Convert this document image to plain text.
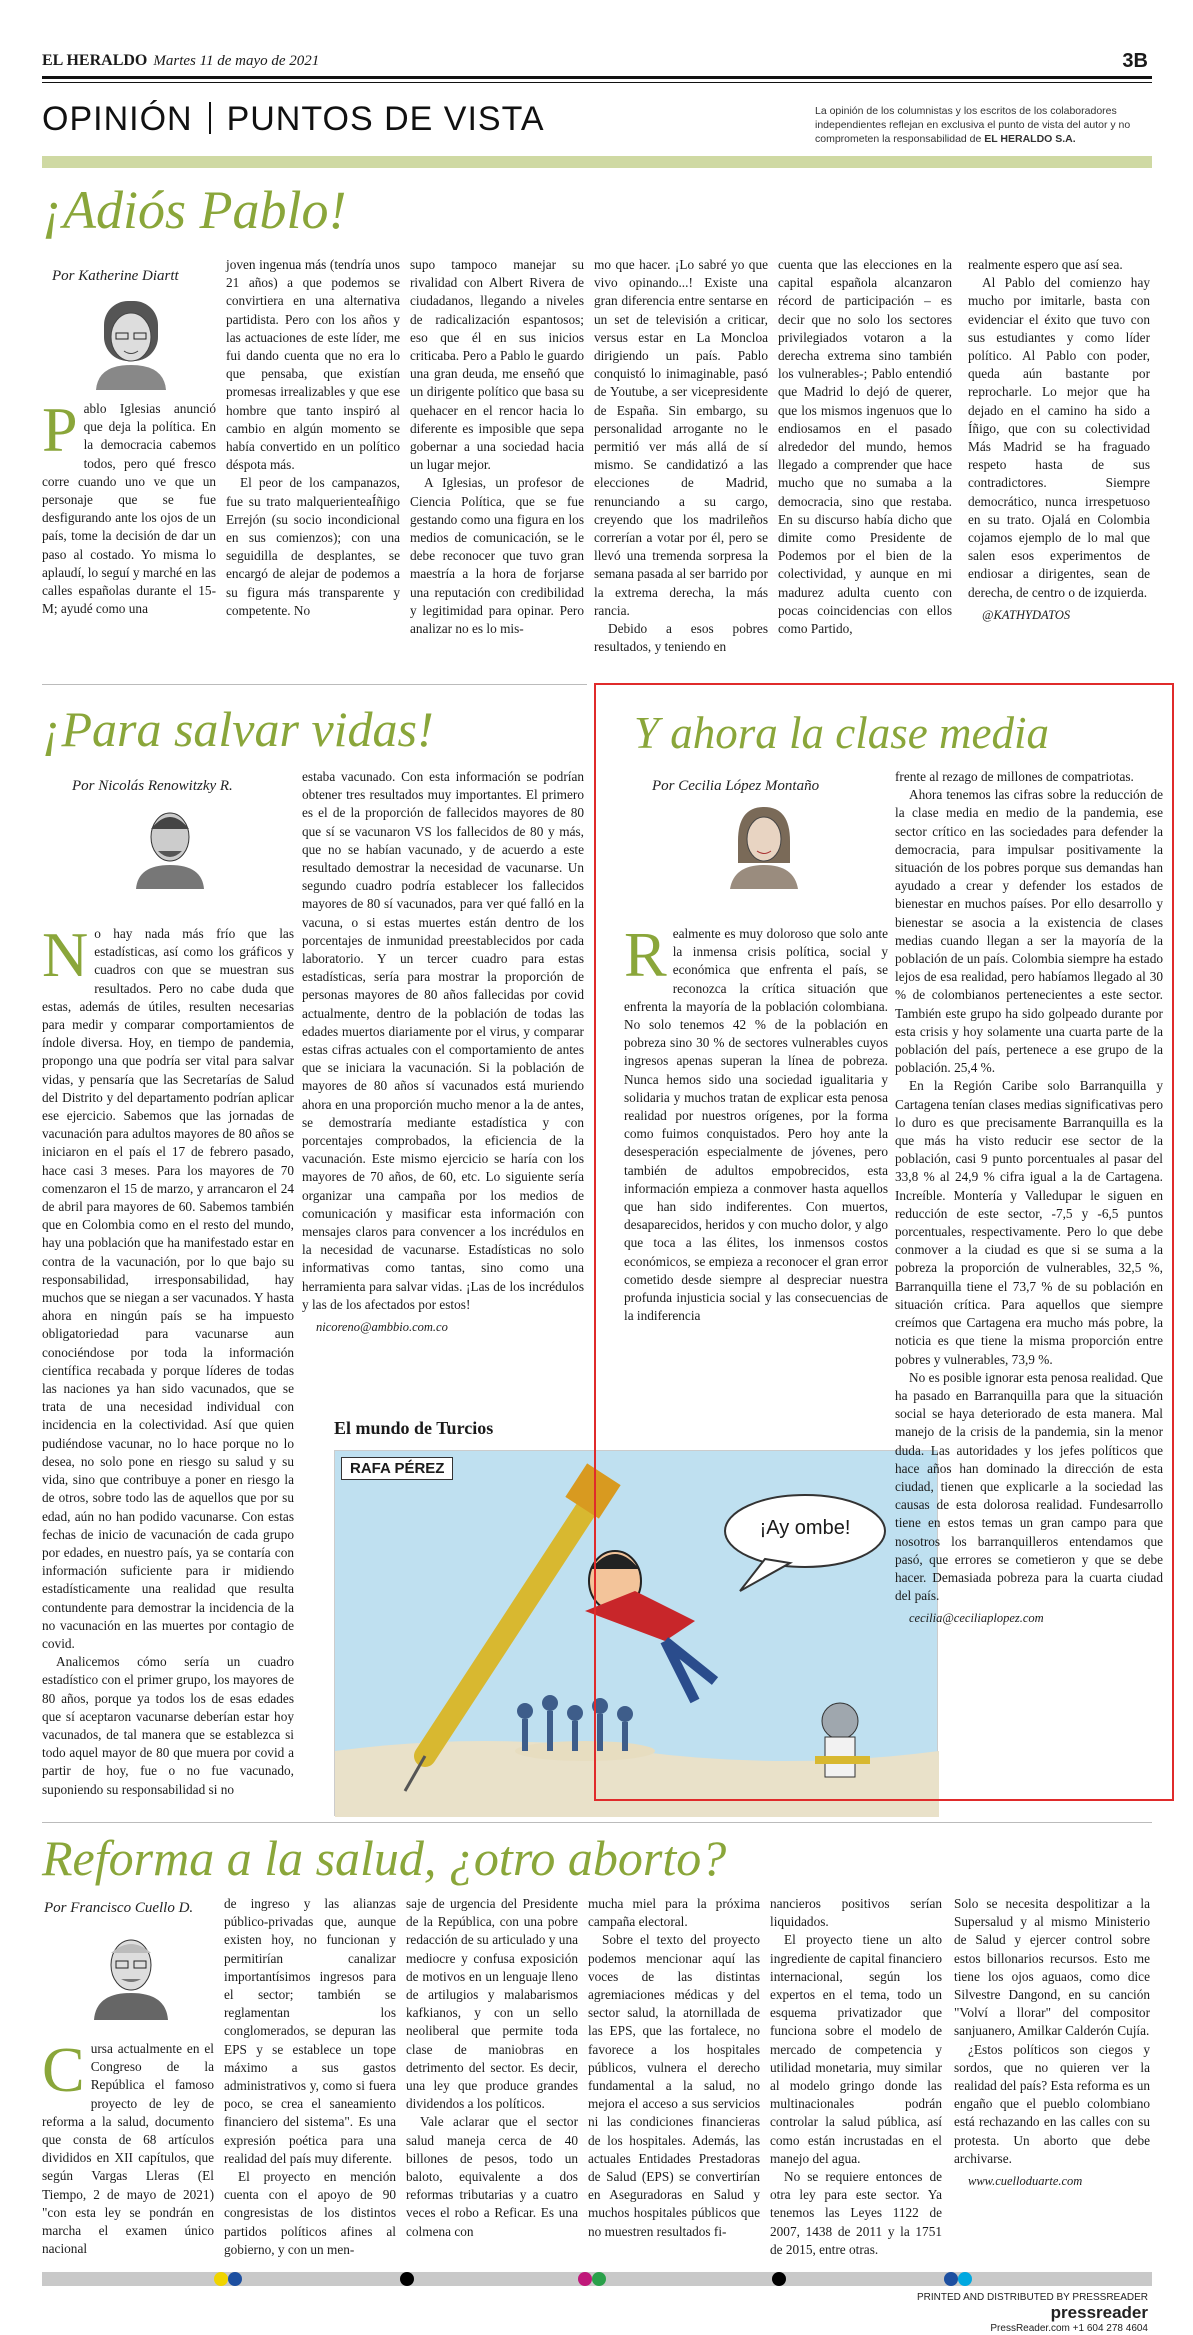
EL HERALDO Martes 11 de mayo de 2021	3B
OPINIÓN PUNTOS DE VISTA	La opinión de los columnistas y los escritos de los colaboradores independientes reflejan en exclusiva el punto de vista del autor y no comprometen la responsabilidad de EL HERALDO S.A.
¡Adiós Pablo!
Por Katherine Diartt
Pablo Iglesias anunció que deja la política. En la democracia cabemos todos, pero qué fresco corre cuando uno ve que un personaje que se fue desfigurando ante los ojos de un país, tome la decisión de dar un paso al costado. Yo misma lo aplaudí, lo seguí y marché en las calles españolas durante el 15-M; ayudé como una

joven ingenua más (tendría unos 21 años) a que podemos se convirtiera en una alternativa partidista. Pero con los años y las actuaciones de este líder, me fui dando cuenta que no era lo que pensaba, que existían promesas irrealizables y que ese hombre que tanto inspiró al cambio en algún momento se había convertido en un político déspota más.

El peor de los campanazos, fue su trato malquerienteaÍñigo Errejón (su socio incondicional en sus comienzos); con una seguidilla de desplantes, se encargó de alejar de podemos a su figura más transparente y competente. No

supo tampoco manejar su rivalidad con Albert Rivera de ciudadanos, llegando a niveles de radicalización espantosos; eso que él en sus inicios criticaba. Pero a Pablo le guardo una gran deuda, me enseñó que un dirigente político que basa su quehacer en el rencor hacia lo diferente es imposible que sepa gobernar a una sociedad hacia un lugar mejor.

A Iglesias, un profesor de Ciencia Política, que se fue gestando como una figura en los medios de comunicación, se le debe reconocer que tuvo gran maestría a la hora de forjarse una reputación con credibilidad y legitimidad para opinar. Pero analizar no es lo mis-

mo que hacer. ¡Lo sabré yo que vivo opinando...! Existe una gran diferencia entre sentarse en un set de televisión a criticar, versus estar en La Moncloa dirigiendo un país. Pablo conquistó lo inimaginable, pasó de Youtube, a ser vicepresidente de España. Sin embargo, su personalidad arrogante no le permitió ver más allá de sí mismo. Se candidatizó a las elecciones de Madrid, renunciando a su cargo, creyendo que los madrileños correrían a votar por él, pero se llevó una tremenda sorpresa la semana pasada al ser barrido por la extrema derecha, la más rancia.

Debido a esos pobres resultados, y teniendo en

cuenta que las elecciones en la capital española alcanzaron récord de participación – es decir que no solo los sectores privilegiados votaron a la derecha extrema sino también los vulnerables-; Pablo entendió que Madrid lo dejó de querer, que los mismos ingenuos que lo endiosamos en el pasado alrededor del mundo, hemos llegado a comprender que hace mucho que no sumaba a la democracia, sino que restaba. En su discurso había dicho que dimite como Presidente de Podemos por el bien de la colectividad, y aunque en mi madurez adulta cuento con pocas coincidencias con ellos como Partido,

realmente espero que así sea.

Al Pablo del comienzo hay mucho por imitarle, basta con evidenciar el éxito que tuvo con sus estudiantes y como líder político. Al Pablo con poder, queda aún bastante por reprocharle. Lo mejor que ha dejado en el camino ha sido a Íñigo, que con su colectividad Más Madrid se ha fraguado respeto hasta de sus contradictores. Siempre democrático, nunca irrespetuoso en su trato. Ojalá en Colombia cojamos ejemplo de lo mal que salen esos experimentos de endiosar a dirigentes, sean de derecha, de centro o de izquierda.

@KATHYDATOS

¡Para salvar vidas!
Por Nicolás Renowitzky R.
No hay nada más frío que las estadísticas, así como los gráficos y cuadros con que se muestran sus resultados. Pero no cabe duda que estas, además de útiles, resulten necesarias para medir y comparar comportamientos de índole diversa. Hoy, en tiempo de pandemia, propongo una que podría ser vital para salvar vidas, y pensaría que las Secretarías de Salud del Distrito y del departamento podrían aplicar ese ejercicio. Sabemos que las jornadas de vacunación para adultos mayores de 80 años se iniciaron en el país el 17 de febrero pasado, hace casi 3 meses. Para los mayores de 70 comenzaron el 15 de marzo, y arrancaron el 24 de abril para mayores de 60. Sabemos también que en Colombia como en el resto del mundo, hay una población que ha manifestado estar en contra de la vacunación, por lo que bajo su responsabilidad, irresponsabilidad, hay muchos que se niegan a ser vacunados. Y hasta ahora en ningún país se ha impuesto obligatoriedad para vacunarse aun conociéndose por toda la información científica recabada y porque líderes de todas las naciones ya han sido vacunados, que se trata de una necesidad individual con incidencia en la colectividad. Así que quien pudiéndose vacunar, no lo hace porque no lo desea, no solo pone en riesgo su salud y su vida, sino que contribuye a poner en riesgo la de otros, sobre todo las de aquellos que por su edad, aún no han podido vacunarse. Con estas fechas de inicio de vacunación de cada grupo por edades, en nuestro país, ya se contaría con información suficiente para ir midiendo estadísticamente una realidad que resulta contundente para demostrar la incidencia de la no vacunación en las muertes por contagio de covid.

Analicemos cómo sería un cuadro estadístico con el primer grupo, los mayores de 80 años, porque ya todos los de esas edades que sí aceptaron vacunarse deberían estar hoy vacunados, de tal manera que se establezca si todo aquel mayor de 80 que muera por covid a partir de hoy, fue o no fue vacunado, suponiendo su responsabilidad si no

estaba vacunado. Con esta información se podrían obtener tres resultados muy importantes. El primero es el de la proporción de fallecidos mayores de 80 que sí se vacunaron VS los fallecidos de 80 y más, que no se habían vacunado, y de acuerdo a este resultado demostrar la necesidad de vacunarse. Un segundo cuadro podría establecer los fallecidos mayores de 80 sí vacunados, para ver qué falló en la vacuna, o si estas muertes están dentro de los porcentajes de inmunidad preestablecidos por cada laboratorio. Y un tercer cuadro para estas estadísticas, sería para mostrar la proporción de personas mayores de 80 años fallecidas por covid actualmente, dentro de la población de todas las edades muertos diariamente por el virus, y comparar estas cifras actuales con el comportamiento de antes que se iniciara la vacunación. Si la población de mayores de 80 años sí vacunados está muriendo ahora en una proporción mucho menor a la de antes, se demostraría mediante estadística y con porcentajes comprobados, la eficiencia de la vacunación. Este mismo ejercicio se haría con los mayores de 70 años, de 60, etc. Lo siguiente sería organizar una campaña por los medios de comunicación y masificar esta información con mensajes claros para convencer a los incrédulos en la necesidad de vacunarse. Estadísticas no solo informativas como tantas, sino como una herramienta para salvar vidas. ¡Las de los incrédulos y las de los afectados por estos!

nicoreno@ambbio.com.co

El mundo de Turcios
RAFA PÉREZ
¡Ay ombe!
Y ahora la clase media
Por Cecilia López Montaño
Realmente es muy doloroso que solo ante la inmensa crisis política, social y económica que enfrenta el país, se reconozca la crítica situación que enfrenta la mayoría de la población colombiana. No solo tenemos 42 % de la población en pobreza sino 30 % de sectores vulnerables cuyos ingresos apenas superan la línea de pobreza. Nunca hemos sido una sociedad igualitaria y solidaria y muchos tratan de explicar esta penosa realidad por nuestros orígenes, por la forma como fuimos conquistados. Pero hoy ante la desesperación especialmente de jóvenes, pero también de adultos empobrecidos, esta información empieza a conmover hasta aquellos que han sido indiferentes. Con muertos, desaparecidos, heridos y con mucho dolor, y algo que toca a las élites, los inmensos costos económicos, se empieza a reconocer el gran error cometido desde siempre al despreciar nuestra profunda injusticia social y las consecuencias de la indiferencia

frente al rezago de millones de compatriotas.

Ahora tenemos las cifras sobre la reducción de la clase media en medio de la pandemia, ese sector crítico en las sociedades para defender la democracia, para impulsar positivamente la situación de los pobres porque sus demandas han ayudado a crear y defender los estados de bienestar en muchos países. Por ello desarrollo y bienestar se asocia a la existencia de clases medias cuando llegan a ser la mayoría de la población de un país. Colombia siempre ha estado lejos de esa realidad, pero habíamos llegado al 30 % de colombianos pertenecientes a este sector. También este grupo ha sido golpeado durante por esta crisis y hoy solamente una cuarta parte de la población del país, pertenece a ese grupo de la población. 25,4 %.

En la Región Caribe solo Barranquilla y Cartagena tenían clases medias significativas pero lo duro es que precisamente Barranquilla es la que más ha visto reducir ese sector de la población, casi 9 punto porcentuales al pasar del 33,8 % al 24,9 % cifra igual a la de Cartagena. Increíble. Montería y Valledupar le siguen en reducción de este sector, -7,5 y -6,5 puntos porcentuales, respectivamente. Pero lo que debe conmover a la ciudad es que si se suma a la pobreza la proporción de vulnerables, 32,5 %, Barranquilla tiene el 73,7 % de su población en situación crítica. Para aquellos que siempre creímos que Cartagena era mucho más pobre, la noticia es que tiene la misma proporción entre pobres y vulnerables, 73,9 %.

No es posible ignorar esta penosa realidad. Que ha pasado en Barranquilla para que la situación social se haya deteriorado de esta manera. Mal manejo de la crisis de la pandemia, sin la menor duda. Las autoridades y los jefes políticos que hace años han dominado la dirección de esta ciudad, tienen que explicarle a la sociedad las causas de esta dolorosa realidad. Fundesarrollo tiene en estos temas un gran campo para que nosotros los barranquilleros entendamos que pasó, que errores se cometieron y que se debe hacer. Demasiada pobreza para la cuarta ciudad del país.

cecilia@ceciliaplopez.com

Reforma a la salud, ¿otro aborto?
Por Francisco Cuello D.
Cursa actualmente en el Congreso de la República el famoso proyecto de ley de reforma a la salud, documento que consta de 68 artículos divididos en XII capítulos, que según Vargas Lleras (El Tiempo, 2 de mayo de 2021) "con esta ley se pondrán en marcha el examen único nacional

de ingreso y las alianzas público-privadas que, aunque existen hoy, no funcionan y permitirían canalizar importantísimos ingresos para el sector; también se reglamentan los conglomerados, se depuran las EPS y se establece un tope máximo a sus gastos administrativos y, como si fuera poco, se crea el saneamiento financiero del sistema". Es una expresión poética para una realidad del país muy diferente.

El proyecto en mención cuenta con el apoyo de 90 congresistas de los distintos partidos políticos afines al gobierno, y con un men-

saje de urgencia del Presidente de la República, con una pobre redacción de su articulado y una mediocre y confusa exposición de motivos en un lenguaje lleno de artilugios y malabarismos kafkianos, y con un sello neoliberal que permite toda clase de maniobras en detrimento del sector. Es decir, una ley que produce grandes dividendos a los políticos.

Vale aclarar que el sector salud maneja cerca de 40 billones de pesos, todo un baloto, equivalente a dos reformas tributarias y a cuatro veces el robo a Reficar. Es una colmena con

mucha miel para la próxima campaña electoral.

Sobre el texto del proyecto podemos mencionar aquí las voces de las distintas agremiaciones médicas y del sector salud, la atornillada de las EPS, que las fortalece, no favorece a los hospitales públicos, vulnera el derecho fundamental a la salud, no mejora el acceso a sus servicios ni las condiciones financieras de los hospitales. Además, las actuales Entidades Prestadoras de Salud (EPS) se convertirían en Aseguradoras en Salud y muchos hospitales públicos que no muestren resultados fi-

nancieros positivos serían liquidados.

El proyecto tiene un alto ingrediente de capital financiero internacional, según los expertos en el tema, todo un esquema privatizador que funciona sobre el modelo de mercado de competencia y utilidad monetaria, muy similar al modelo gringo donde las multinacionales podrán controlar la salud pública, así como están incrustadas en el manejo del agua.

No se requiere entonces de otra ley para este sector. Ya tenemos las Leyes 1122 de 2007, 1438 de 2011 y la 1751 de 2015, entre otras.

Solo se necesita despolitizar a la Supersalud y al mismo Ministerio de Salud y ejercer control sobre estos billonarios recursos. Esto me tiene los ojos aguaos, como dice Silvestre Dangond, en su canción "Volví a llorar" del compositor sanjuanero, Amilkar Calderón Cujía.

¿Estos políticos son ciegos y sordos, que no quieren ver la realidad del país? Esta reforma es un engaño que el pueblo colombiano está rechazando en las calles con su protesta. Un aborto que debe archivarse.

www.cuelloduarte.com

PRINTED AND DISTRIBUTED BY PRESSREADER
pressreader
PressReader.com +1 604 278 4604
